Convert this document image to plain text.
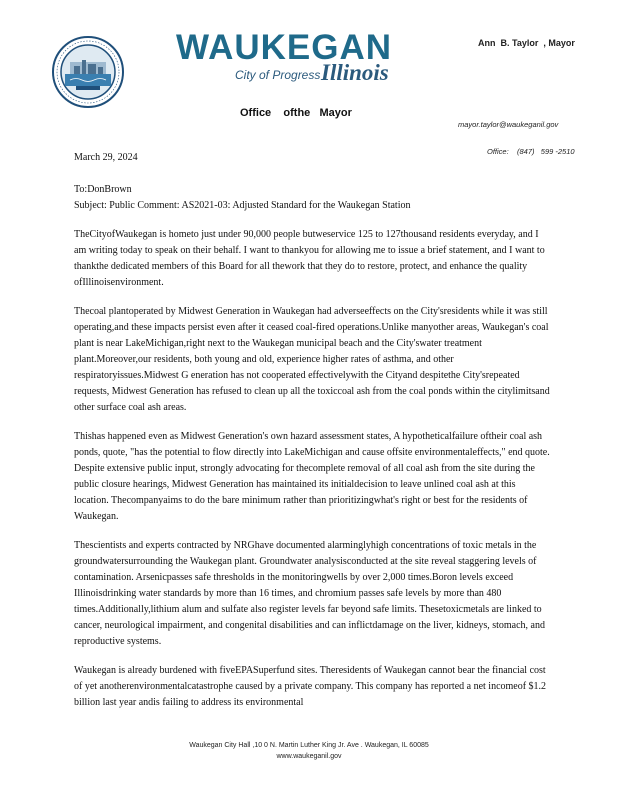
WAUKEGAN
City of Progress Illinois
Ann  B. Taylor  , Mayor
Office    ofthe   Mayor

mayor.taylor@waukeganil.gov

Office:    (847)   599 -2510

March 29, 2024

To:DonBrown

Subject: Public Comment: AS2021-03: Adjusted Standard for the Waukegan Station

TheCityofWaukegan is hometo just under 90,000 people butweservice 125 to 127thousand residents everyday, and I am writing today to speak on their behalf. I want to thankyou for allowing me to issue a brief statement, and I want to thankthe dedicated members of this Board for all thework that they do to restore, protect, and enhance the quality ofIllinoisenvironment.

Thecoal plantoperated by Midwest Generation in Waukegan had adverseeffects on the City'sresidents while it was still operating,and these impacts persist even after it ceased coal-fired operations.Unlike manyother areas, Waukegan's coal plant is near LakeMichigan,right next to the Waukegan municipal beach and the City'swater treatment plant.Moreover,our residents, both young and old, experience higher rates of asthma, and other respiratoryissues.Midwest G eneration has not cooperated effectivelywith the Cityand despitethe City'srepeated requests, Midwest Generation has refused to clean up all the toxiccoal ash from the coal ponds within the citylimitsand other surface coal ash areas.

Thishas happened even as Midwest Generation's own hazard assessment states, A hypotheticalfailure oftheir coal ash ponds, quote, "has the potential to flow directly into LakeMichigan and cause offsite environmentaleffects," end quote. Despite extensive public input, strongly advocating for thecomplete removal of all coal ash from the site during the public closure hearings, Midwest Generation has maintained its initialdecision to leave unlined coal ash at this location. Thecompanyaims to do the bare minimum rather than prioritizingwhat's right or best for the residents of Waukegan.

Thescientists and experts contracted by NRGhave documented alarminglyhigh concentrations of toxic metals in the groundwatersurrounding the Waukegan plant. Groundwater analysisconducted at the site reveal staggering levels of contamination. Arsenicpasses safe thresholds in the monitoringwells by over 2,000 times.Boron levels exceed Illinoisdrinking water standards by more than 16 times, and chromium passes safe levels by more than 480 times.Additionally,lithium alum and sulfate also register levels far beyond safe limits. Thesetoxicmetals are linked to cancer, neurological impairment, and congenital disabilities and can inflictdamage on the liver, kidneys, stomach, and reproductive systems.

Waukegan is already burdened with fiveEPASuperfund sites. Theresidents of Waukegan cannot bear the financial cost of yet anotherenvironmentalcatastrophe caused by a private company. This company has reported a net incomeof $1.2 billion last year andis failing to address its environmental

Waukegan City Hall ,10 0 N. Martin Luther King Jr. Ave . Waukegan, IL 60085
www.waukeganil.gov
